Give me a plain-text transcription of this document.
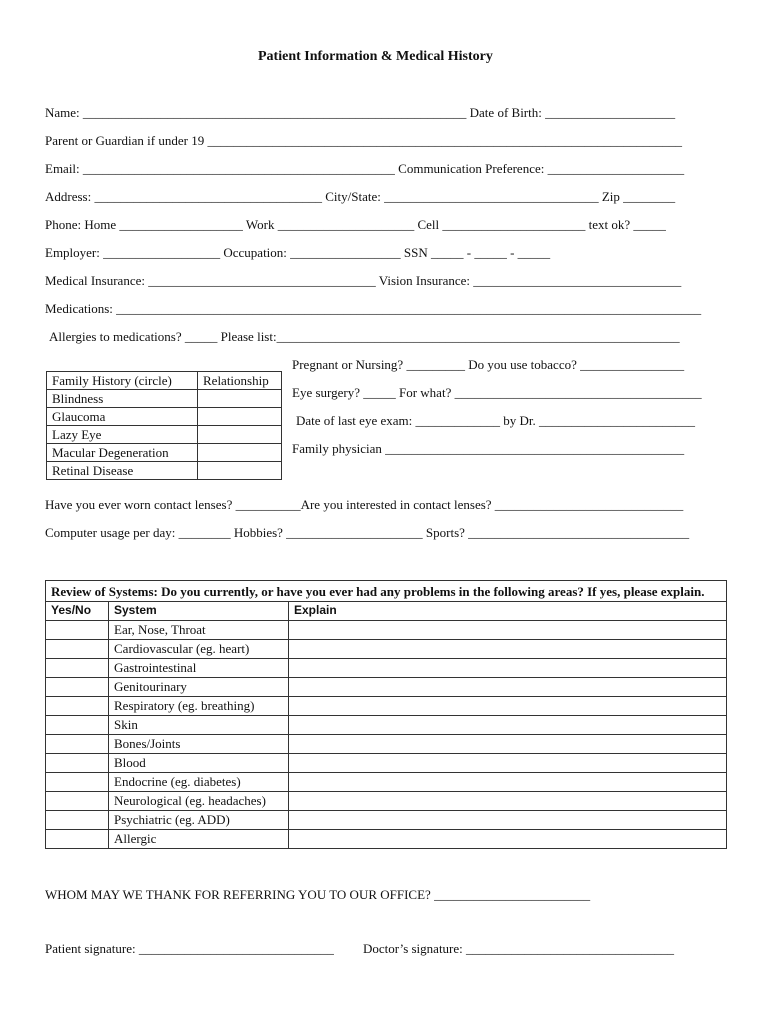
Patient Information & Medical History
Name: ___________________________________________________________ Date of Birth: ____________________
Parent or Guardian if under 19 _________________________________________________________________________
Email: ________________________________________________ Communication Preference: _____________________
Address: ___________________________________ City/State: _________________________________ Zip ________
Phone: Home ___________________ Work _____________________ Cell ______________________ text ok? _____
Employer: __________________ Occupation: _________________ SSN _____ - _____ - _____
Medical Insurance: ___________________________________ Vision Insurance: ________________________________
Medications: __________________________________________________________________________________________
Allergies to medications? _____ Please list:______________________________________________________________
Family History (circle)	Relationship
Blindness	
Glaucoma	
Lazy Eye	
Macular Degeneration	
Retinal Disease	
Pregnant or Nursing? _________ Do you use tobacco? ________________
Eye surgery? _____ For what? ______________________________________
Date of last eye exam: _____________ by Dr. ________________________
Family physician ______________________________________________
Have you ever worn contact lenses? __________Are you interested in contact lenses? _____________________________
Computer usage per day: ________ Hobbies? _____________________ Sports? __________________________________
Review of Systems: Do you currently, or have you ever had any problems in the following areas? If yes, please explain.		
Yes/No	System	Explain
	Ear, Nose, Throat	
	Cardiovascular (eg. heart)	
	Gastrointestinal	
	Genitourinary	
	Respiratory (eg. breathing)	
	Skin	
	Bones/Joints	
	Blood	
	Endocrine (eg. diabetes)	
	Neurological (eg. headaches)	
	Psychiatric (eg. ADD)	
	Allergic	
WHOM MAY WE THANK FOR REFERRING YOU TO OUR OFFICE? ________________________
Patient signature: ______________________________ Doctor’s signature: ________________________________
